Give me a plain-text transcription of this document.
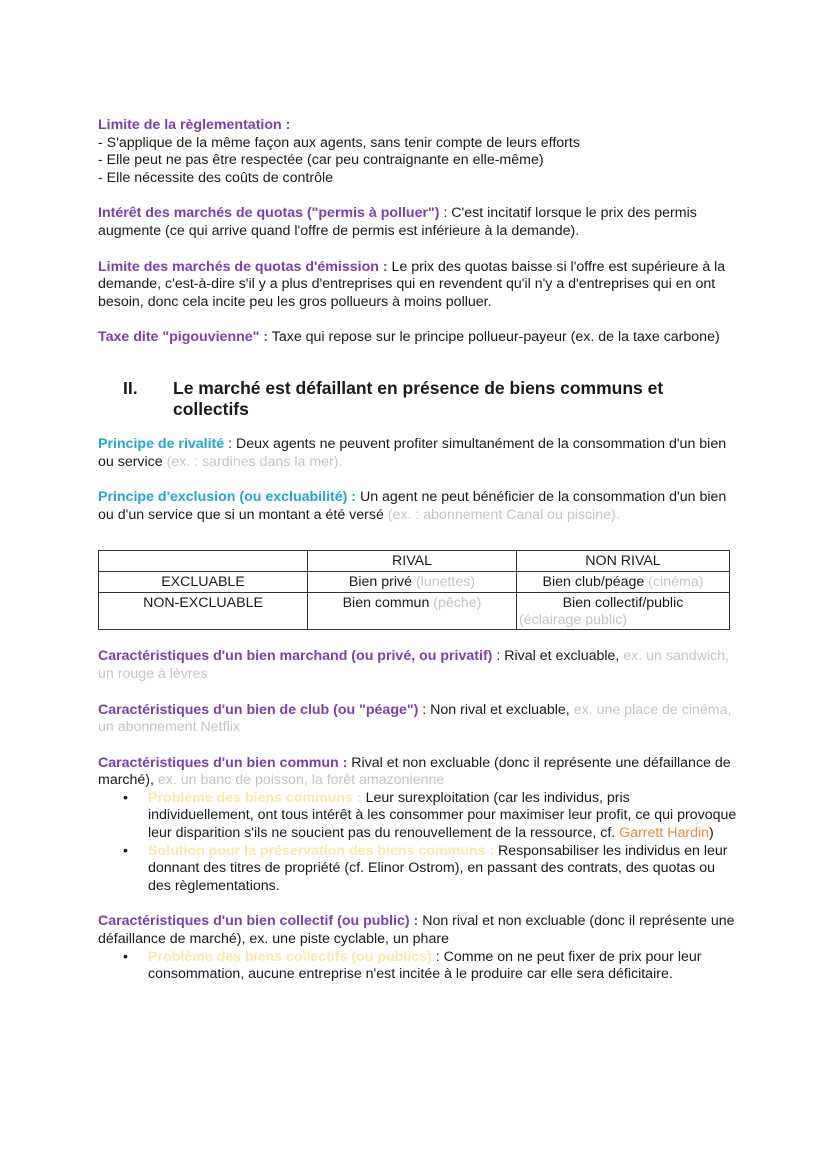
Limite de la règlementation :

- S'applique de la même façon aux agents, sans tenir compte de leurs efforts

- Elle peut ne pas être respectée (car peu contraignante en elle-même)

- Elle nécessite des coûts de contrôle

Intérêt des marchés de quotas ("permis à polluer") : C'est incitatif lorsque le prix des permis augmente (ce qui arrive quand l'offre de permis est inférieure à la demande).

Limite des marchés de quotas d'émission : Le prix des quotas baisse si l'offre est supérieure à la demande, c'est-à-dire s'il y a plus d'entreprises qui en revendent qu'il n'y a d'entreprises qui en ont besoin, donc cela incite peu les gros pollueurs à moins polluer.

Taxe dite "pigouvienne" : Taxe qui repose sur le principe pollueur-payeur (ex. de la taxe carbone)

II.	Le marché est défaillant en présence de biens communs et collectifs

Principe de rivalité : Deux agents ne peuvent profiter simultanément de la consommation d'un bien ou service (ex. : sardines dans la mer).

Principe d'exclusion (ou excluabilité) : Un agent ne peut bénéficier de la consommation d'un bien ou d'un service que si un montant a été versé (ex. : abonnement Canal ou piscine).

	RIVAL	NON RIVAL
EXCLUABLE	Bien privé (lunettes)	Bien club/péage (cinéma)
NON-EXCLUABLE	Bien commun (pêche)	Bien collectif/public
(éclairage public)

Caractéristiques d'un bien marchand (ou privé, ou privatif) : Rival et excluable, ex. un sandwich, un rouge à lèvres

Caractéristiques d'un bien de club (ou "péage") : Non rival et excluable, ex. une place de cinéma, un abonnement Netflix

Caractéristiques d'un bien commun : Rival et non excluable (donc il représente une défaillance de marché), ex. un banc de poisson, la forêt amazonienne

• Problème des biens communs : Leur surexploitation (car les individus, pris individuellement, ont tous intérêt à les consommer pour maximiser leur profit, ce qui provoque leur disparition s'ils ne soucient pas du renouvellement de la ressource, cf. Garrett Hardin)
• Solution pour la préservation des biens communs : Responsabiliser les individus en leur donnant des titres de propriété (cf. Elinor Ostrom), en passant des contrats, des quotas ou des règlementations.

Caractéristiques d'un bien collectif (ou public) : Non rival et non excluable (donc il représente une défaillance de marché), ex. une piste cyclable, un phare

• Problème des biens collectifs (ou publics) : Comme on ne peut fixer de prix pour leur consommation, aucune entreprise n'est incitée à le produire car elle sera déficitaire.
